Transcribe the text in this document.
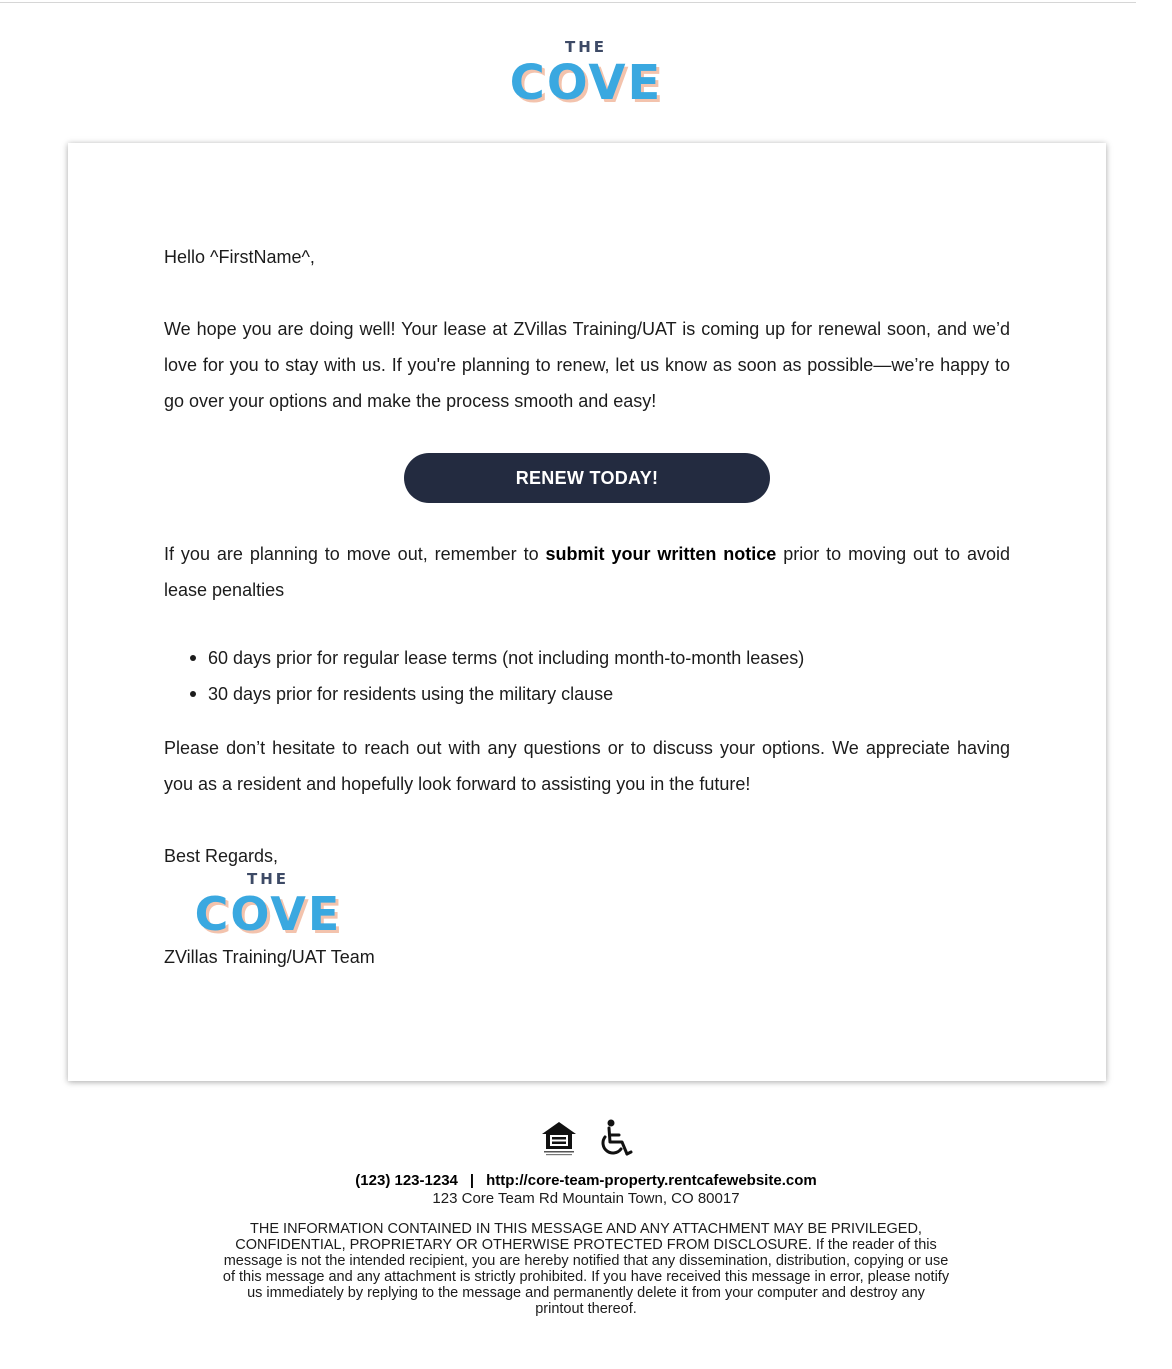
THE
COVE

Hello ^FirstName^,

We hope you are doing well! Your lease at ZVillas Training/UAT is coming up for renewal soon, and we’d love for you to stay with us. If you're planning to renew, let us know as soon as possible—we’re happy to go over your options and make the process smooth and easy!

RENEW TODAY!

If you are planning to move out, remember to submit your written notice prior to moving out to avoid lease penalties

60 days prior for regular lease terms (not including month-to-month leases)
30 days prior for residents using the military clause

Please don’t hesitate to reach out with any questions or to discuss your options. We appreciate having you as a resident and hopefully look forward to assisting you in the future!

Best Regards,

ZVillas Training/UAT Team

THE
COVE
(123) 123-1234 | http://core-team-property.rentcafewebsite.com
123 Core Team Rd Mountain Town, CO 80017
THE INFORMATION CONTAINED IN THIS MESSAGE AND ANY ATTACHMENT MAY BE PRIVILEGED, CONFIDENTIAL, PROPRIETARY OR OTHERWISE PROTECTED FROM DISCLOSURE. If the reader of this message is not the intended recipient, you are hereby notified that any dissemination, distribution, copying or use of this message and any attachment is strictly prohibited. If you have received this message in error, please notify us immediately by replying to the message and permanently delete it from your computer and destroy any printout thereof.
